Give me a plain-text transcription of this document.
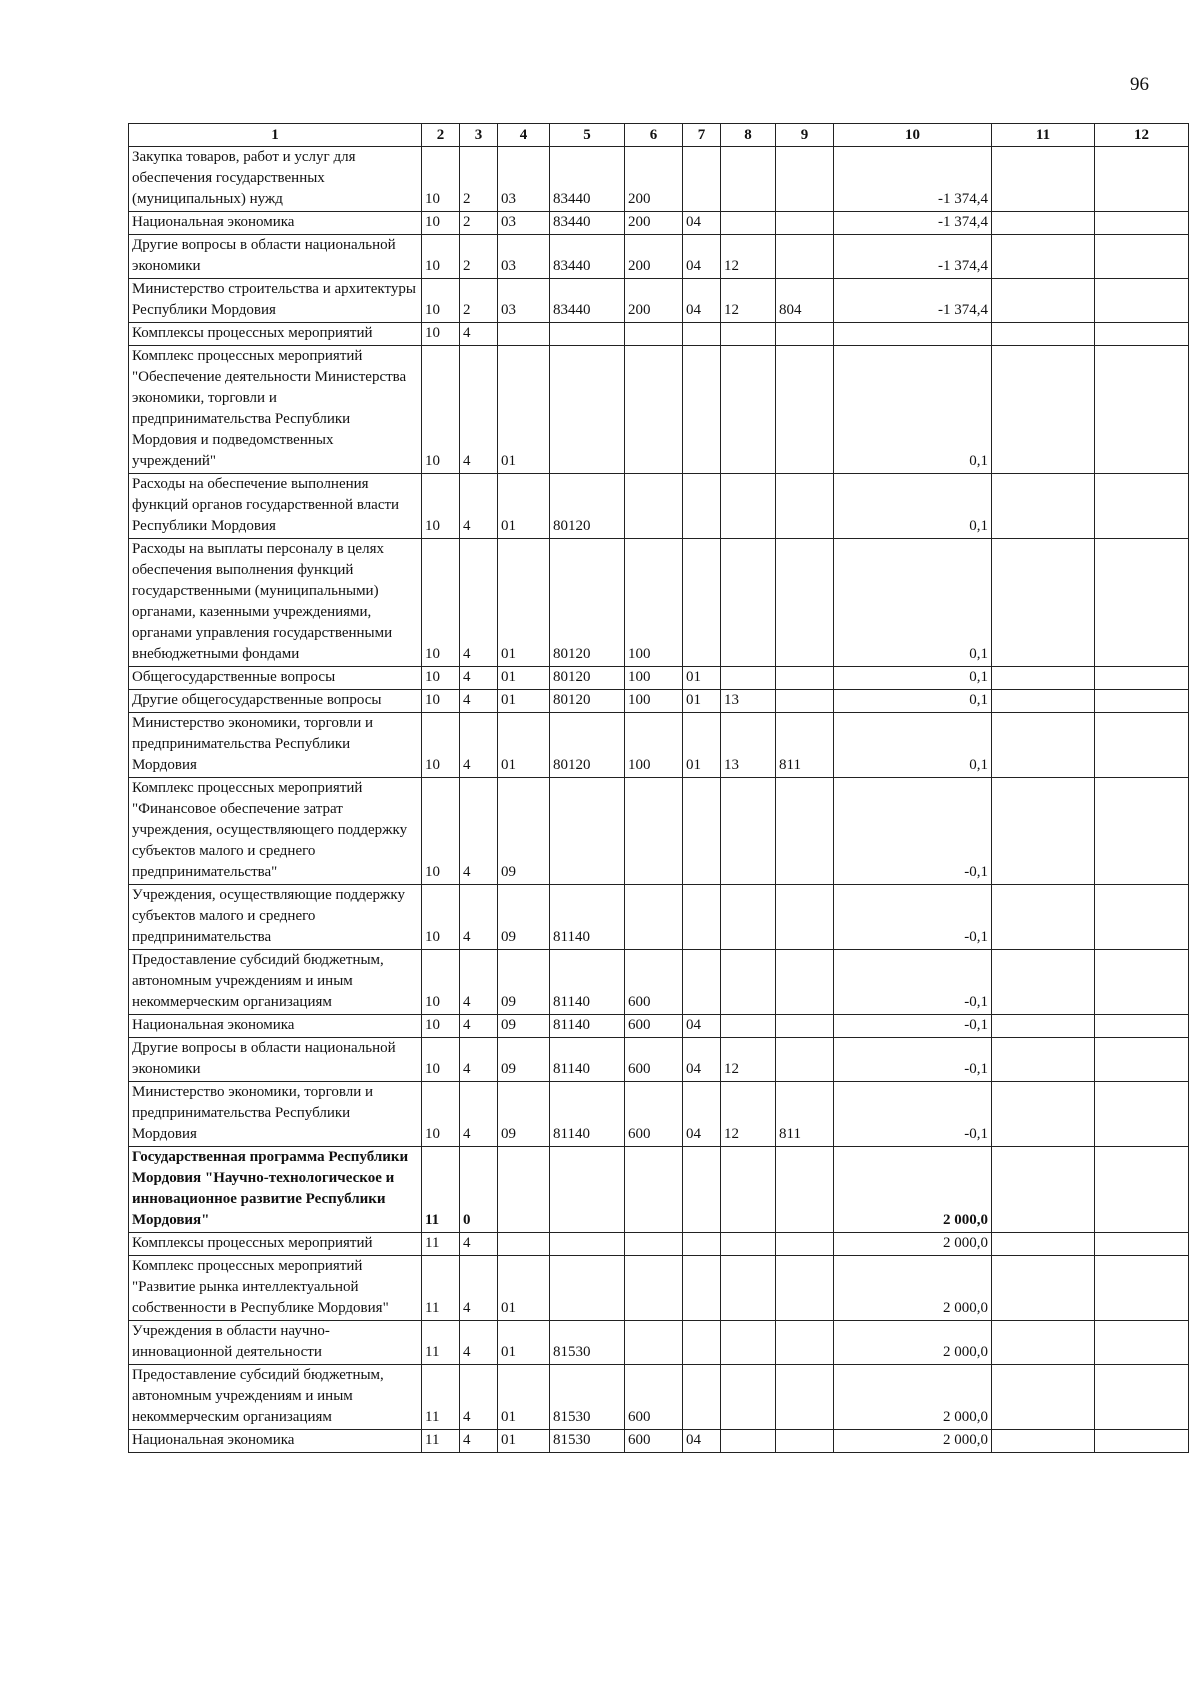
96
1	2	3	4	5	6	7	8	9	10	11	12
Закупка товаров, работ и услуг для обеспечения государственных (муниципальных) нужд	10	2	03	83440	200				-1 374,4		
Национальная экономика	10	2	03	83440	200	04			-1 374,4		
Другие вопросы в области национальной экономики	10	2	03	83440	200	04	12		-1 374,4		
Министерство строительства и архитектуры Республики Мордовия	10	2	03	83440	200	04	12	804	-1 374,4		
Комплексы процессных мероприятий	10	4									
Комплекс процессных мероприятий "Обеспечение деятельности Министерства экономики, торговли и предпринимательства Республики Мордовия и подведомственных учреждений"	10	4	01						0,1		
Расходы на обеспечение выполнения функций органов государственной власти Республики Мордовия	10	4	01	80120					0,1		
Расходы на выплаты персоналу в целях обеспечения выполнения функций государственными (муниципальными) органами, казенными учреждениями, органами управления государственными внебюджетными фондами	10	4	01	80120	100				0,1		
Общегосударственные вопросы	10	4	01	80120	100	01			0,1		
Другие общегосударственные вопросы	10	4	01	80120	100	01	13		0,1		
Министерство экономики, торговли и предпринимательства Республики Мордовия	10	4	01	80120	100	01	13	811	0,1		
Комплекс процессных мероприятий "Финансовое обеспечение затрат учреждения, осуществляющего поддержку субъектов малого и среднего предпринимательства"	10	4	09						-0,1		
Учреждения, осуществляющие поддержку субъектов малого и среднего предпринимательства	10	4	09	81140					-0,1		
Предоставление субсидий бюджетным, автономным учреждениям и иным некоммерческим организациям	10	4	09	81140	600				-0,1		
Национальная экономика	10	4	09	81140	600	04			-0,1		
Другие вопросы в области национальной экономики	10	4	09	81140	600	04	12		-0,1		
Министерство экономики, торговли и предпринимательства Республики Мордовия	10	4	09	81140	600	04	12	811	-0,1		
Государственная программа Республики Мордовия "Научно-технологическое и инновационное развитие Республики Мордовия"	11	0							2 000,0		
Комплексы процессных мероприятий	11	4							2 000,0		
Комплекс процессных мероприятий "Развитие рынка интеллектуальной собственности в Республике Мордовия"	11	4	01						2 000,0		
Учреждения в области научно-инновационной деятельности	11	4	01	81530					2 000,0		
Предоставление субсидий бюджетным, автономным учреждениям и иным некоммерческим организациям	11	4	01	81530	600				2 000,0		
Национальная экономика	11	4	01	81530	600	04			2 000,0		
